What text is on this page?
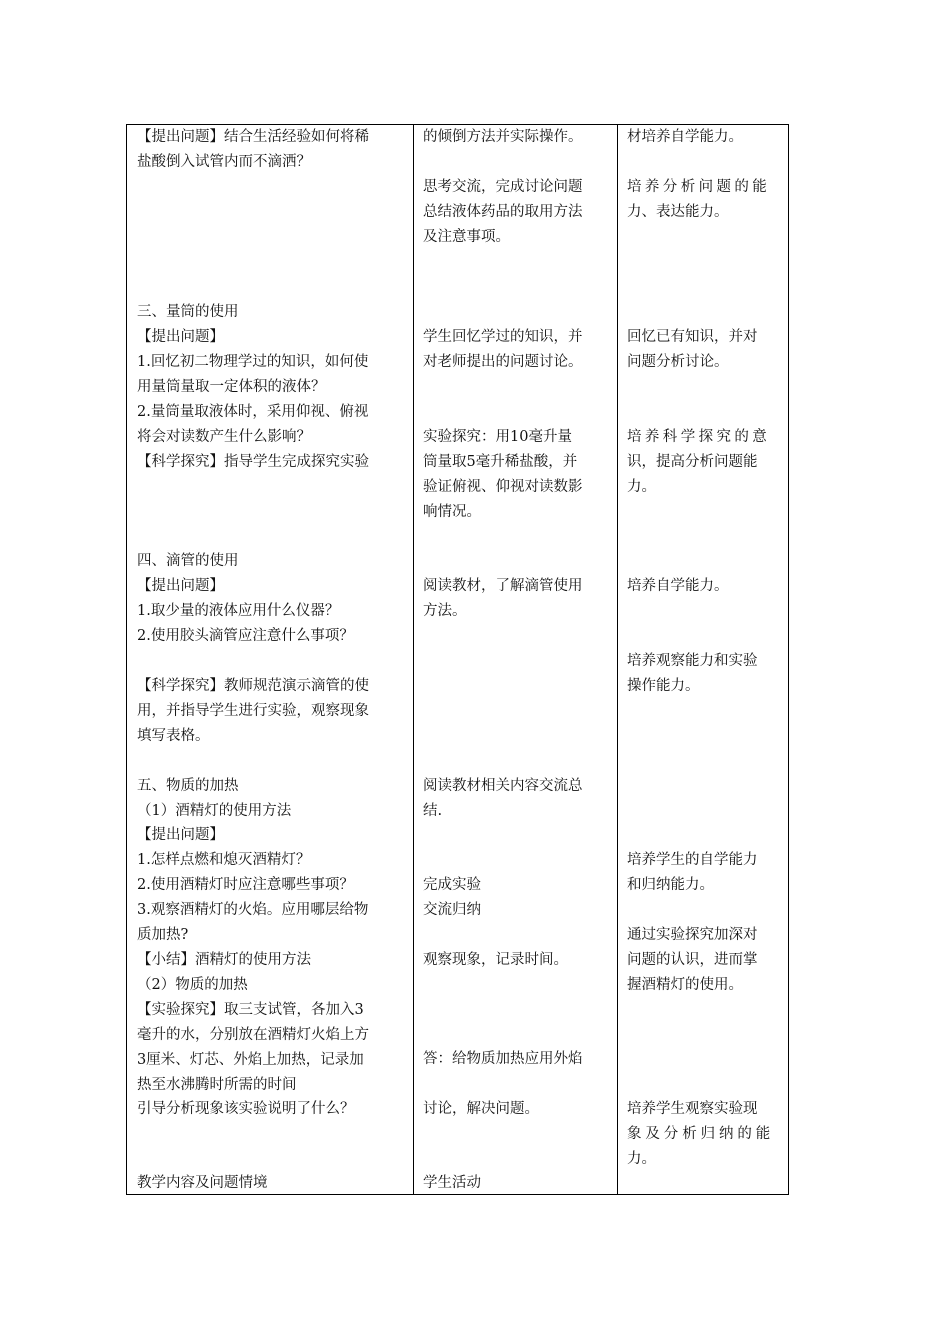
【提出问题】结合生活经验如何将稀
盐酸倒入试管内而不滴洒？
三、量筒的使用
【提出问题】
1.回忆初二物理学过的知识，如何使
用量筒量取一定体积的液体？
2.量筒量取液体时，采用仰视、俯视
将会对读数产生什么影响？
【科学探究】指导学生完成探究实验
四、滴管的使用
【提出问题】
1.取少量的液体应用什么仪器？
2.使用胶头滴管应注意什么事项？
【科学探究】教师规范演示滴管的使
用，并指导学生进行实验，观察现象
填写表格。
五、物质的加热
（1）酒精灯的使用方法
【提出问题】
1.怎样点燃和熄灭酒精灯？
2.使用酒精灯时应注意哪些事项？
3.观察酒精灯的火焰。应用哪层给物
质加热?
【小结】酒精灯的使用方法
（2）物质的加热
【实验探究】取三支试管，各加入3
毫升的水，分别放在酒精灯火焰上方
3厘米、灯芯、外焰上加热，记录加
热至水沸腾时所需的时间
引导分析现象该实验说明了什么？
教学内容及问题情境
的倾倒方法并实际操作。
思考交流，完成讨论问题
总结液体药品的取用方法
及注意事项。
学生回忆学过的知识，并
对老师提出的问题讨论。
实验探究：用10毫升量
筒量取5毫升稀盐酸，并
验证俯视、仰视对读数影
响情况。
阅读教材，了解滴管使用
方法。
阅读教材相关内容交流总
结.
完成实验
交流归纳
观察现象，记录时间。
答：给物质加热应用外焰
讨论，解决问题。
学生活动
材培养自学能力。
培养分析问题的能
力、表达能力。
回忆已有知识，并对
问题分析讨论。
培养科学探究的意
识，提高分析问题能
力。
培养自学能力。
培养观察能力和实验
操作能力。
培养学生的自学能力
和归纳能力。
通过实验探究加深对
问题的认识，进而掌
握酒精灯的使用。
培养学生观察实验现
象及分析归纳的能
力。
